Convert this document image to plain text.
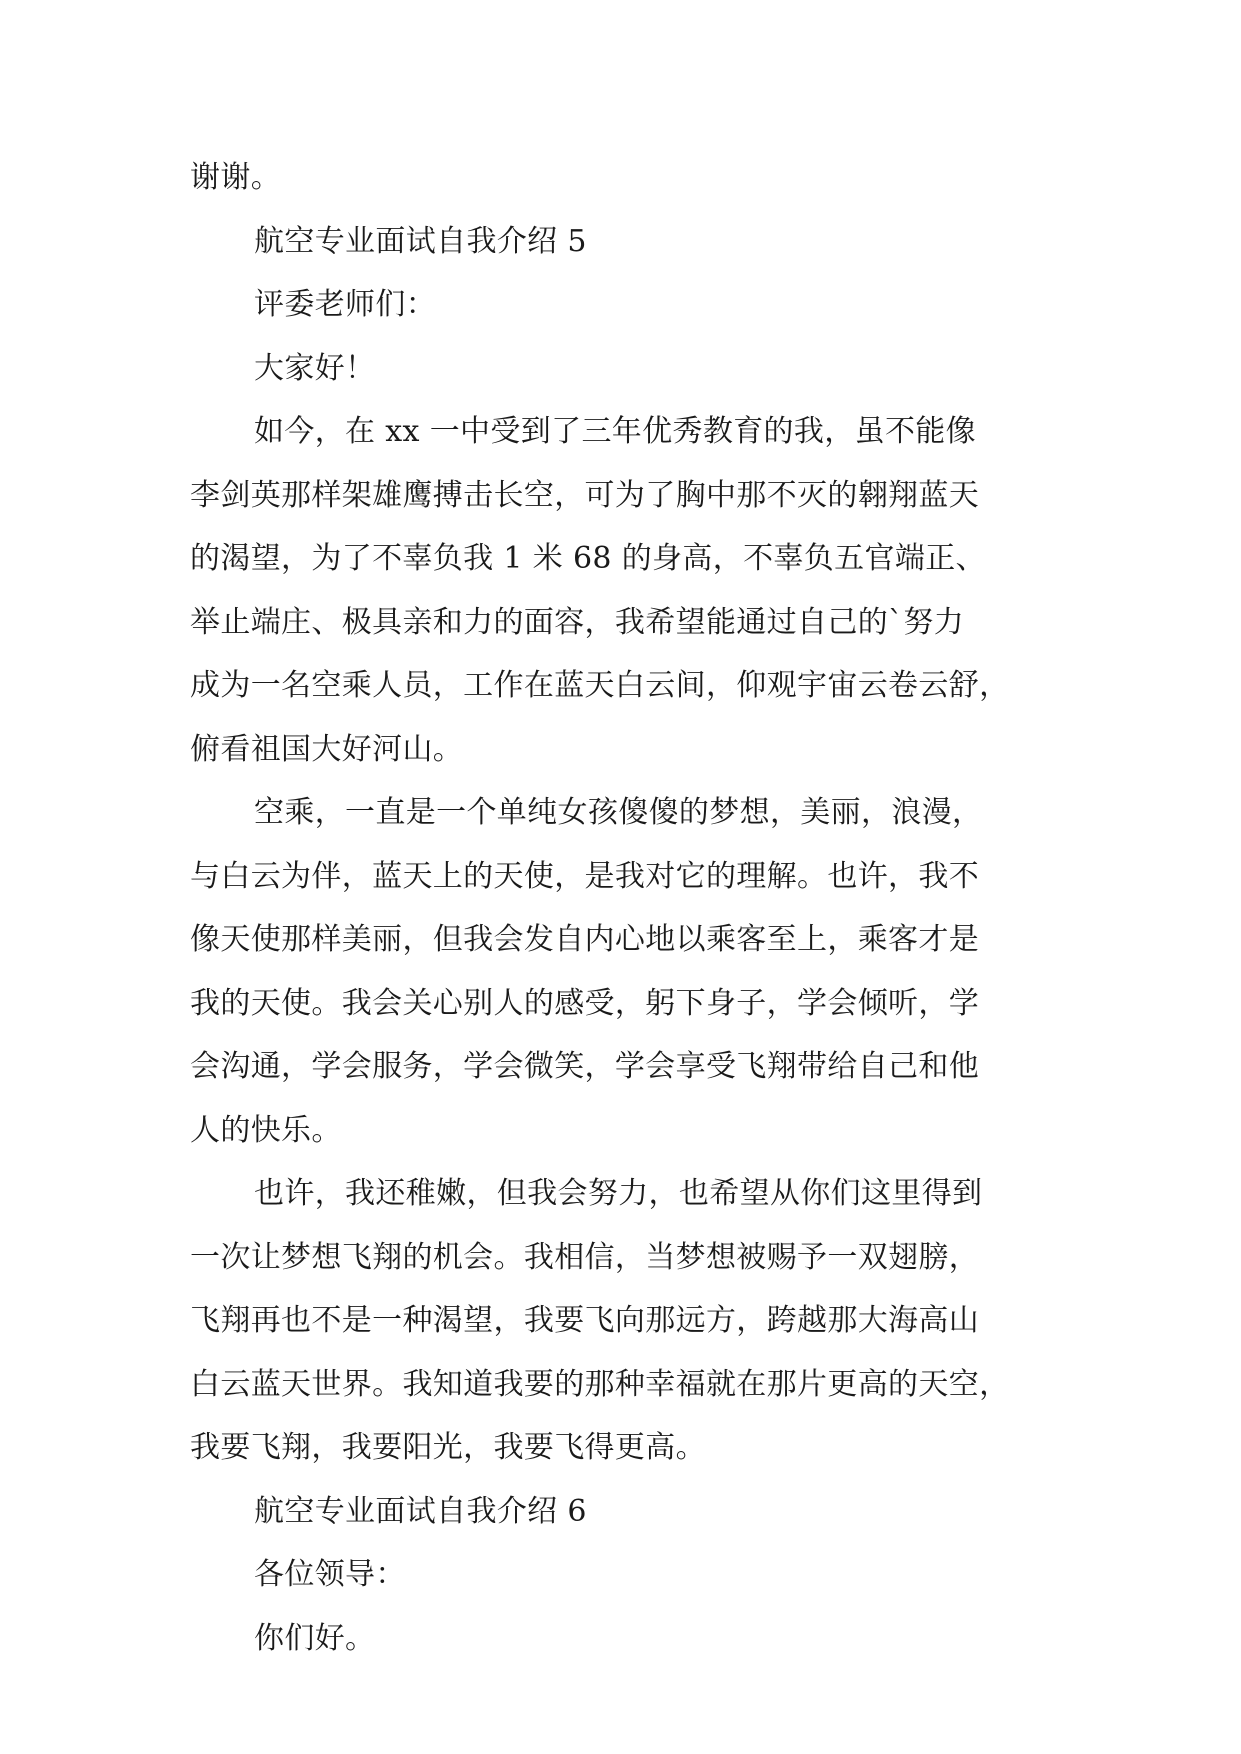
谢谢。
航空专业面试自我介绍 5
评委老师们：
大家好！
如今，在 xx 一中受到了三年优秀教育的我，虽不能像
李剑英那样架雄鹰搏击长空，可为了胸中那不灭的翱翔蓝天
的渴望，为了不辜负我 1 米 68 的身高，不辜负五官端正、
举止端庄、极具亲和力的面容，我希望能通过自己的`努力
成为一名空乘人员，工作在蓝天白云间，仰观宇宙云卷云舒，
俯看祖国大好河山。
空乘，一直是一个单纯女孩傻傻的梦想，美丽，浪漫，
与白云为伴，蓝天上的天使，是我对它的理解。也许，我不
像天使那样美丽，但我会发自内心地以乘客至上，乘客才是
我的天使。我会关心别人的感受，躬下身子，学会倾听，学
会沟通，学会服务，学会微笑，学会享受飞翔带给自己和他
人的快乐。
也许，我还稚嫩，但我会努力，也希望从你们这里得到
一次让梦想飞翔的机会。我相信，当梦想被赐予一双翅膀，
飞翔再也不是一种渴望，我要飞向那远方，跨越那大海高山
白云蓝天世界。我知道我要的那种幸福就在那片更高的天空，
我要飞翔，我要阳光，我要飞得更高。
航空专业面试自我介绍 6
各位领导：
你们好。
